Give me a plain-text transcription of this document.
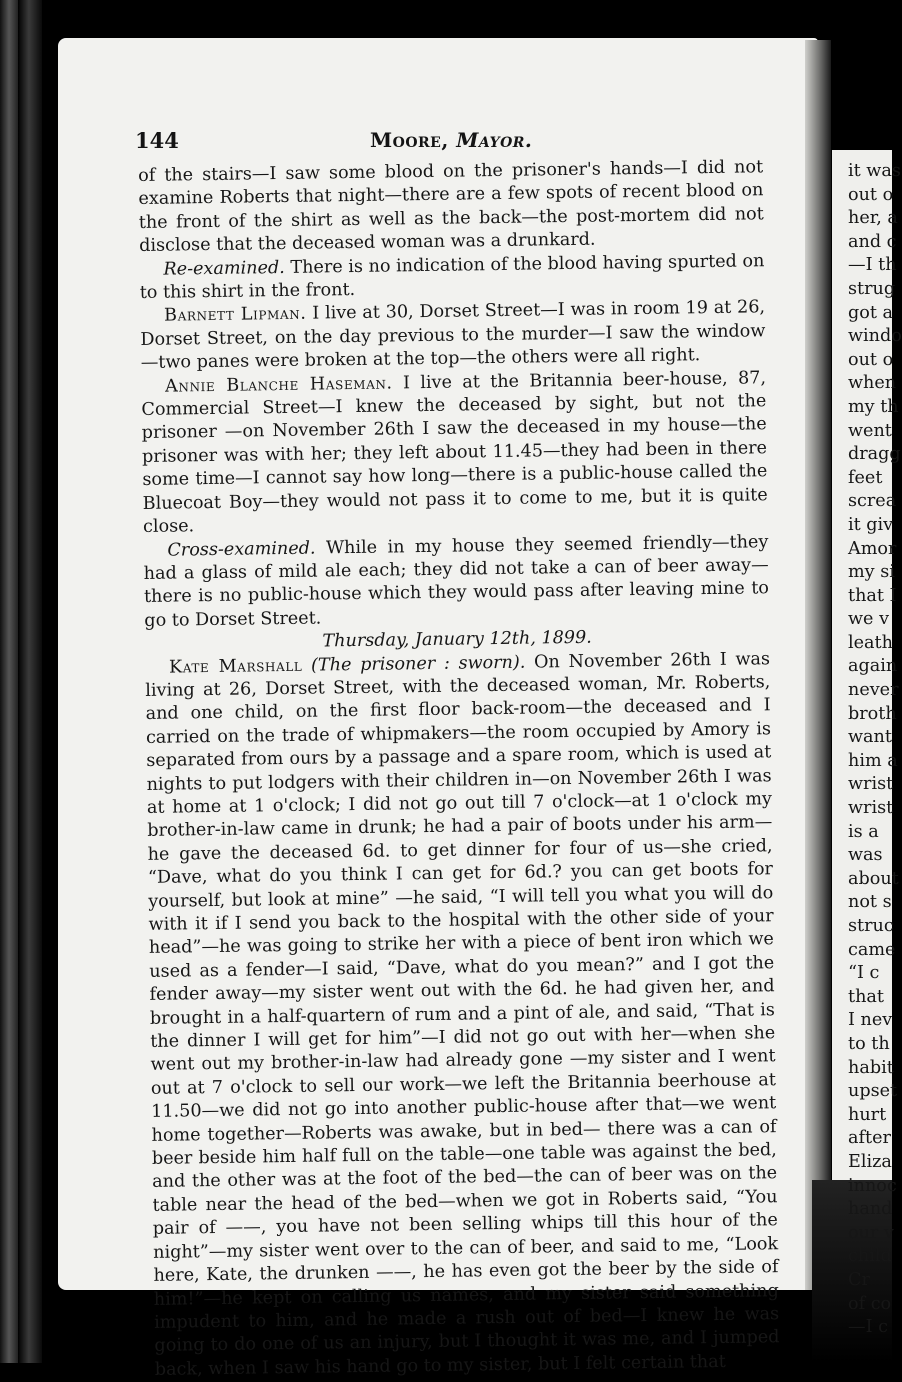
144	Moore, Mayor.

of the stairs—I saw some blood on the prisoner's hands—I did not examine Roberts that night—there are a few spots of recent blood on the front of the shirt as well as the back—the post-mortem did not disclose that the deceased woman was a drunkard.

Re-examined. There is no indication of the blood having spurted on to this shirt in the front.

Barnett Lipman. I live at 30, Dorset Street—I was in room 19 at 26, Dorset Street, on the day previous to the murder—I saw the window —two panes were broken at the top—the others were all right.

Annie Blanche Haseman. I live at the Britannia beer-house, 87, Commercial Street—I knew the deceased by sight, but not the prisoner —on November 26th I saw the deceased in my house—the prisoner was with her; they left about 11.45—they had been in there some time—I cannot say how long—there is a public-house called the Bluecoat Boy—they would not pass it to come to me, but it is quite close.

Cross-examined. While in my house they seemed friendly—they had a glass of mild ale each; they did not take a can of beer away—there is no public-house which they would pass after leaving mine to go to Dorset Street.

Thursday, January 12th, 1899.

Kate Marshall (The prisoner : sworn). On November 26th I was living at 26, Dorset Street, with the deceased woman, Mr. Roberts, and one child, on the first floor back-room—the deceased and I carried on the trade of whipmakers—the room occupied by Amory is separated from ours by a passage and a spare room, which is used at nights to put lodgers with their children in—on November 26th I was at home at 1 o'clock; I did not go out till 7 o'clock—at 1 o'clock my brother-in-law came in drunk; he had a pair of boots under his arm—he gave the deceased 6d. to get dinner for four of us—she cried, “Dave, what do you think I can get for 6d.? you can get boots for yourself, but look at mine” —he said, “I will tell you what you will do with it if I send you back to the hospital with the other side of your head”—he was going to strike her with a piece of bent iron which we used as a fender—I said, “Dave, what do you mean?” and I got the fender away—my sister went out with the 6d. he had given her, and brought in a half-quartern of rum and a pint of ale, and said, “That is the dinner I will get for him”—I did not go out with her—when she went out my brother-in-law had already gone —my sister and I went out at 7 o'clock to sell our work—we left the Britannia beerhouse at 11.50—we did not go into another public-house after that—we went home together—Roberts was awake, but in bed— there was a can of beer beside him half full on the table—one table was against the bed, and the other was at the foot of the bed—the can of beer was on the table near the head of the bed—when we got in Roberts said, “You pair of ——, you have not been selling whips till this hour of the night”—my sister went over to the can of beer, and said to me, “Look here, Kate, the drunken ——, he has even got the beer by the side of him!”—he kept on calling us names, and my sister said something impudent to him, and he made a rush out of bed—I knew he was going to do one of us an injury, but I thought it was me, and I jumped back, when I saw his hand go to my sister, but I felt certain that

it was
out o
her, a
and c
—I th
strug
got a
windo
out o
when
my th
went
dragg
feet
screa
it giv
Amor
my si
that I
we v
leath
again
never
broth
want
him a
wrist
wrist
is a
was
about
not s
struc
came
“I c
that
I nev
to th
habit
upset
hurt
after
Eliza
innoc
hand
our v
child
Cr
of co
—I c
